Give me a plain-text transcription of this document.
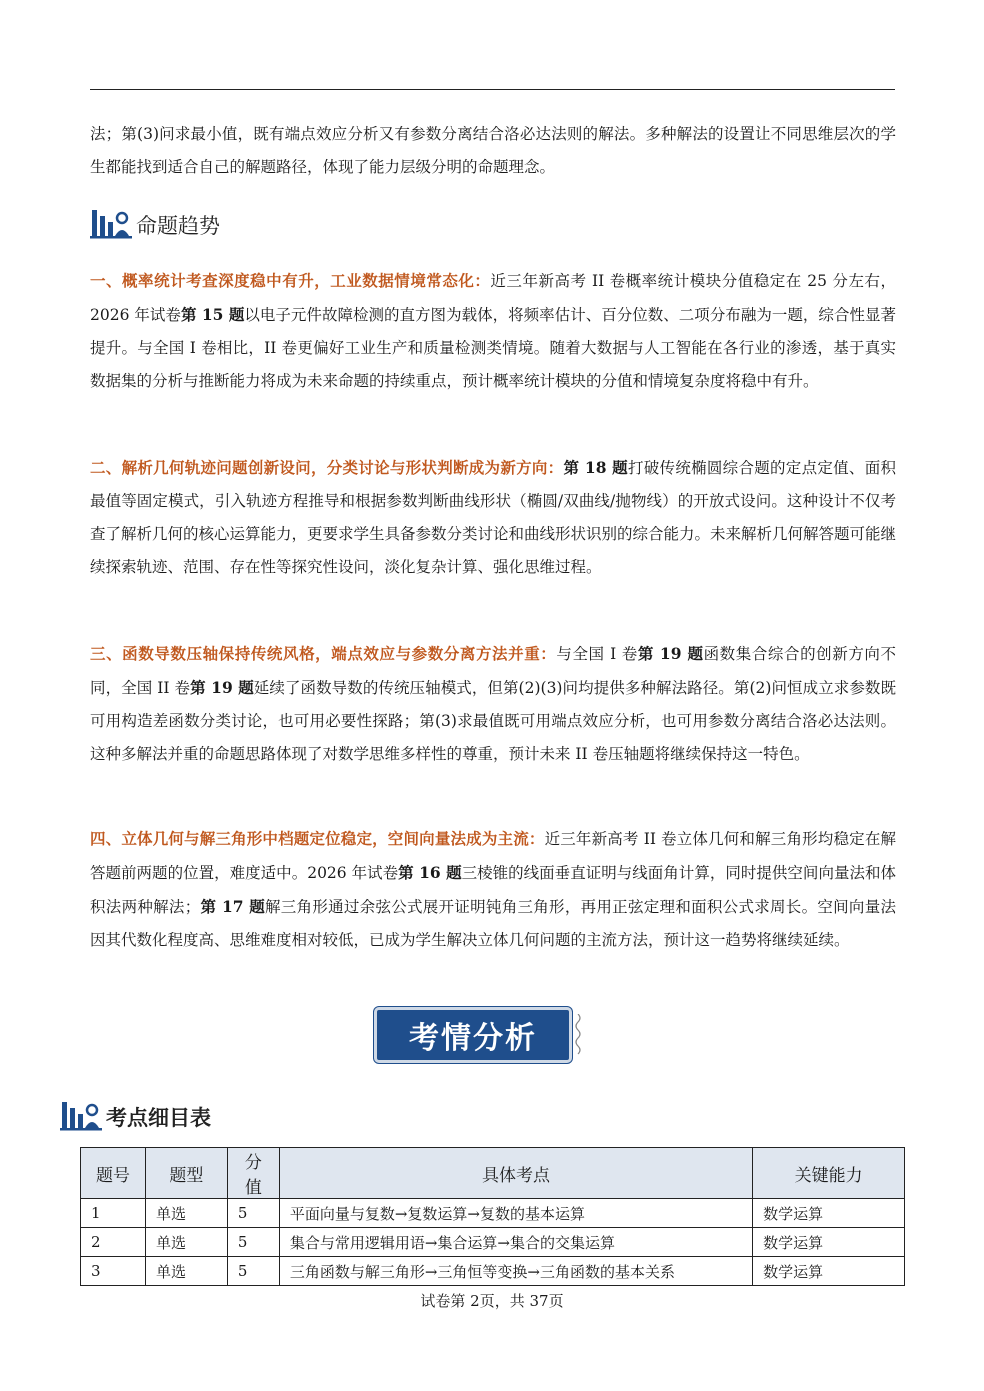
法；第(3)问求最小值，既有端点效应分析又有参数分离结合洛必达法则的解法。多种解法的设置让不同思维层次的学生都能找到适合自己的解题路径，体现了能力层级分明的命题理念。

命题趋势

一、概率统计考查深度稳中有升，工业数据情境常态化：近三年新高考 II 卷概率统计模块分值稳定在 25 分左右，2026 年试卷第 15 题以电子元件故障检测的直方图为载体，将频率估计、百分位数、二项分布融为一题，综合性显著提升。与全国 I 卷相比，II 卷更偏好工业生产和质量检测类情境。随着大数据与人工智能在各行业的渗透，基于真实数据集的分析与推断能力将成为未来命题的持续重点，预计概率统计模块的分值和情境复杂度将稳中有升。

二、解析几何轨迹问题创新设问，分类讨论与形状判断成为新方向：第 18 题打破传统椭圆综合题的定点定值、面积最值等固定模式，引入轨迹方程推导和根据参数判断曲线形状（椭圆/双曲线/抛物线）的开放式设问。这种设计不仅考查了解析几何的核心运算能力，更要求学生具备参数分类讨论和曲线形状识别的综合能力。未来解析几何解答题可能继续探索轨迹、范围、存在性等探究性设问，淡化复杂计算、强化思维过程。

三、函数导数压轴保持传统风格，端点效应与参数分离方法并重：与全国 I 卷第 19 题函数集合综合的创新方向不同，全国 II 卷第 19 题延续了函数导数的传统压轴模式，但第(2)(3)问均提供多种解法路径。第(2)问恒成立求参数既可用构造差函数分类讨论，也可用必要性探路；第(3)求最值既可用端点效应分析，也可用参数分离结合洛必达法则。这种多解法并重的命题思路体现了对数学思维多样性的尊重，预计未来 II 卷压轴题将继续保持这一特色。

四、立体几何与解三角形中档题定位稳定，空间向量法成为主流：近三年新高考 II 卷立体几何和解三角形均稳定在解答题前两题的位置，难度适中。2026 年试卷第 16 题三棱锥的线面垂直证明与线面角计算，同时提供空间向量法和体积法两种解法；第 17 题解三角形通过余弦公式展开证明钝角三角形，再用正弦定理和面积公式求周长。空间向量法因其代数化程度高、思维难度相对较低，已成为学生解决立体几何问题的主流方法，预计这一趋势将继续延续。

考情分析
考点细目表
题号	题型	分值	具体考点	关键能力
1	单选	5	平面向量与复数→复数运算→复数的基本运算	数学运算
2	单选	5	集合与常用逻辑用语→集合运算→集合的交集运算	数学运算
3	单选	5	三角函数与解三角形→三角恒等变换→三角函数的基本关系	数学运算
试卷第 2页，共 37页
